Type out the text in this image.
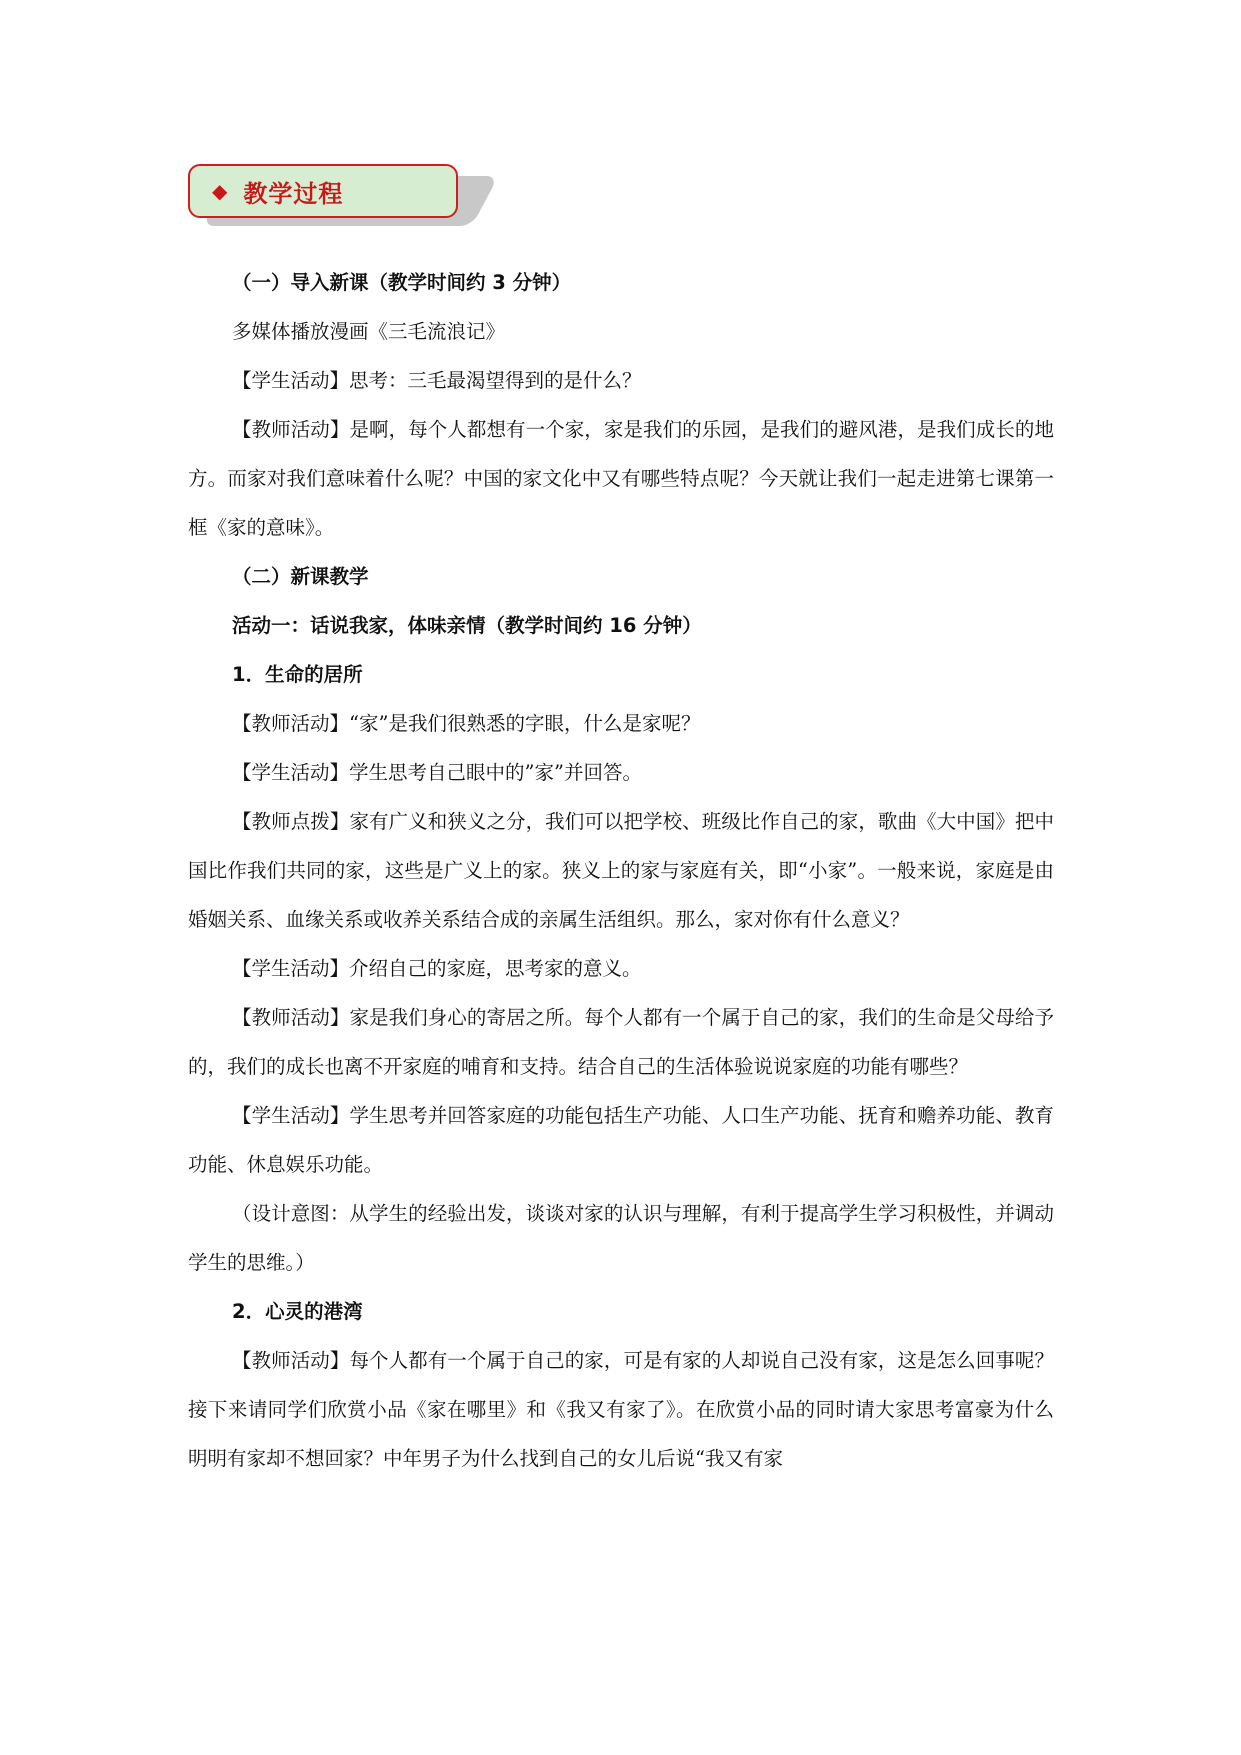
◆ 教学过程

（一）导入新课（教学时间约 3 分钟）

多媒体播放漫画《三毛流浪记》

【学生活动】思考：三毛最渴望得到的是什么？

【教师活动】是啊，每个人都想有一个家，家是我们的乐园，是我们的避风港，是我们成长的地方。而家对我们意味着什么呢？中国的家文化中又有哪些特点呢？今天就让我们一起走进第七课第一框《家的意味》。

（二）新课教学

活动一：话说我家，体味亲情（教学时间约 16 分钟）

1．生命的居所

【教师活动】“家”是我们很熟悉的字眼，什么是家呢？

【学生活动】学生思考自己眼中的”家”并回答。

【教师点拨】家有广义和狭义之分，我们可以把学校、班级比作自己的家，歌曲《大中国》把中国比作我们共同的家，这些是广义上的家。狭义上的家与家庭有关，即“小家”。一般来说，家庭是由婚姻关系、血缘关系或收养关系结合成的亲属生活组织。那么，家对你有什么意义？

【学生活动】介绍自己的家庭，思考家的意义。

【教师活动】家是我们身心的寄居之所。每个人都有一个属于自己的家，我们的生命是父母给予的，我们的成长也离不开家庭的哺育和支持。结合自己的生活体验说说家庭的功能有哪些？

【学生活动】学生思考并回答家庭的功能包括生产功能、人口生产功能、抚育和赡养功能、教育功能、休息娱乐功能。

（设计意图：从学生的经验出发，谈谈对家的认识与理解，有利于提高学生学习积极性，并调动学生的思维。）

2．心灵的港湾

【教师活动】每个人都有一个属于自己的家，可是有家的人却说自己没有家，这是怎么回事呢？接下来请同学们欣赏小品《家在哪里》和《我又有家了》。在欣赏小品的同时请大家思考富豪为什么明明有家却不想回家？中年男子为什么找到自己的女儿后说“我又有家
